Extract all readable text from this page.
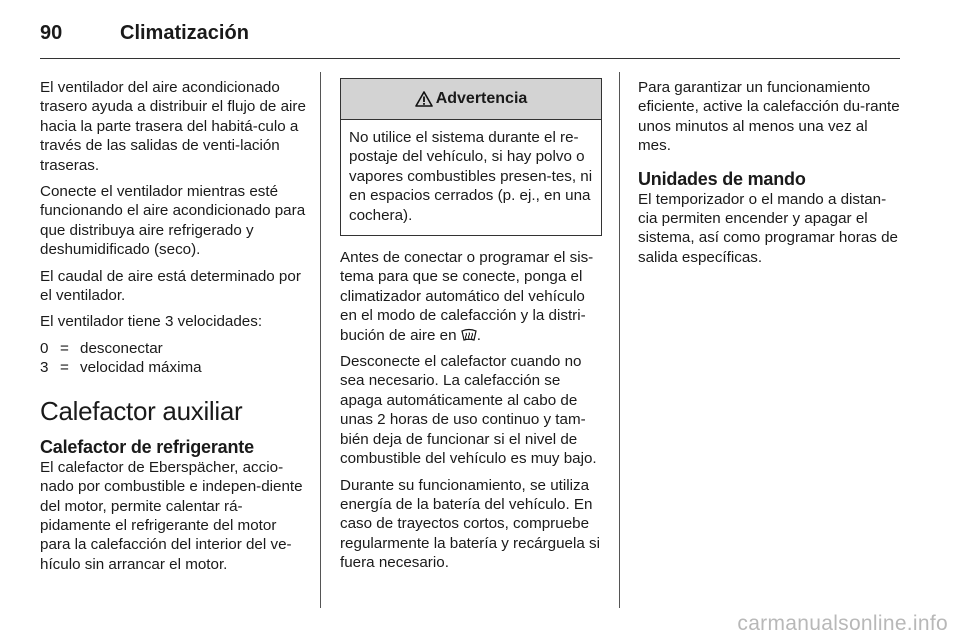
90	Climatización

El ventilador del aire acondicionado trasero ayuda a distribuir el flujo de aire hacia la parte trasera del habitá-culo a través de las salidas de venti-lación traseras.

Conecte el ventilador mientras esté funcionando el aire acondicionado para que distribuya aire refrigerado y deshumidificado (seco).

El caudal de aire está determinado por el ventilador.

El ventilador tiene 3 velocidades:

0 = desconectar
3 = velocidad máxima
Calefactor auxiliar
Calefactor de refrigerante

El calefactor de Eberspächer, accio-nado por combustible e indepen-diente del motor, permite calentar rá-pidamente el refrigerante del motor para la calefacción del interior del ve-hículo sin arrancar el motor.

Advertencia
No utilice el sistema durante el re-postaje del vehículo, si hay polvo o vapores combustibles presen-tes, ni en espacios cerrados (p. ej., en una cochera).

Antes de conectar o programar el sis-tema para que se conecte, ponga el climatizador automático del vehículo en el modo de calefacción y la distri-bución de aire en .

Desconecte el calefactor cuando no sea necesario. La calefacción se apaga automáticamente al cabo de unas 2 horas de uso continuo y tam-bién deja de funcionar si el nivel de combustible del vehículo es muy bajo.

Durante su funcionamiento, se utiliza energía de la batería del vehículo. En caso de trayectos cortos, compruebe regularmente la batería y recárguela si fuera necesario.

Para garantizar un funcionamiento eficiente, active la calefacción du-rante unos minutos al menos una vez al mes.

Unidades de mando

El temporizador o el mando a distan-cia permiten encender y apagar el sistema, así como programar horas de salida específicas.

carmanualsonline.info
